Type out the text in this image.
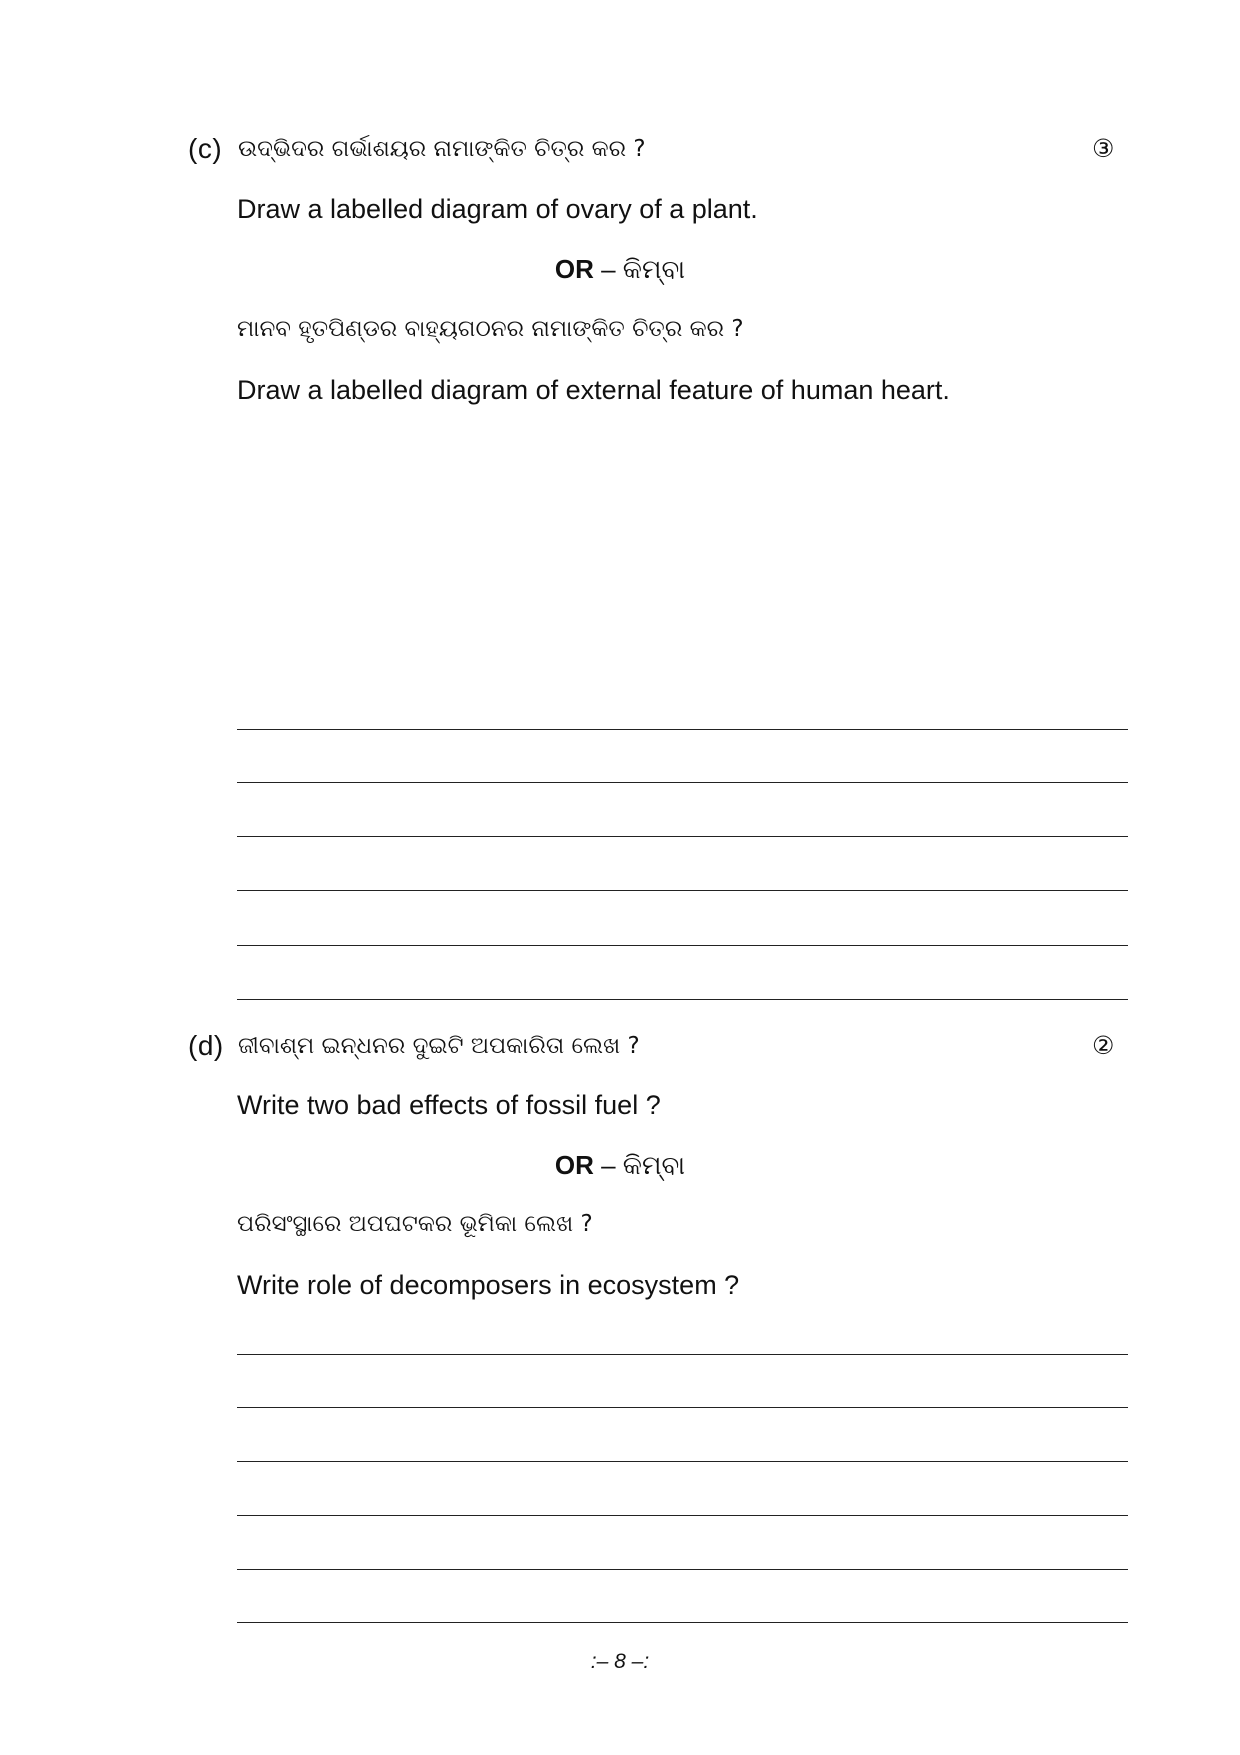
(c) ଉଦ୍ଭିଦର ଗର୍ଭାଶୟର ନାମାଙ୍କିତ ଚିତ୍ର କର ?	③
Draw a labelled diagram of ovary of a plant.
OR – କିମ୍ବା
ମାନବ ହୃତପିଣ୍ଡର ବାହ୍ୟଗଠନର ନାମାଙ୍କିତ ଚିତ୍ର କର ?
Draw a labelled diagram of external feature of human heart.
(d) ଜୀବାଶ୍ମ ଇନ୍ଧନର ଦୁଇଟି ଅପକାରିତା ଲେଖ ?	②
Write two bad effects of fossil fuel ?
OR – କିମ୍ବା
ପରିସଂସ୍ଥାରେ ଅପଘଟକର ଭୂମିକା ଲେଖ ?
Write role of decomposers in ecosystem ?
:– 8 –:
